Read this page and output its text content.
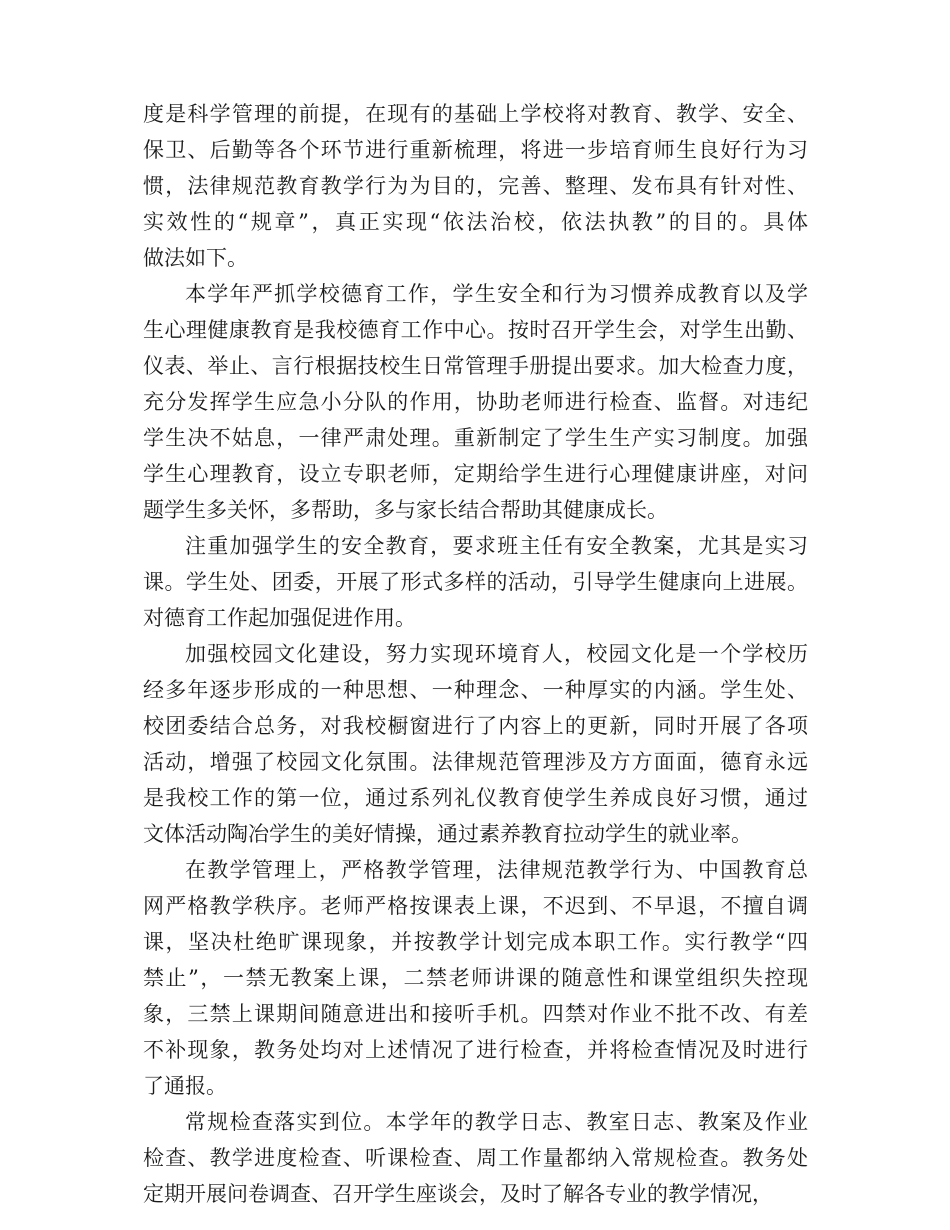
度是科学管理的前提，在现有的基础上学校将对教育、教学、安全、
保卫、后勤等各个环节进行重新梳理，将进一步培育师生良好行为习
惯，法律规范教育教学行为为目的，完善、整理、发布具有针对性、
实效性的“规章”，真正实现“依法治校，依法执教”的目的。具体
做法如下。
本学年严抓学校德育工作，学生安全和行为习惯养成教育以及学
生心理健康教育是我校德育工作中心。按时召开学生会，对学生出勤、
仪表、举止、言行根据技校生日常管理手册提出要求。加大检查力度，
充分发挥学生应急小分队的作用，协助老师进行检查、监督。对违纪
学生决不姑息，一律严肃处理。重新制定了学生生产实习制度。加强
学生心理教育，设立专职老师，定期给学生进行心理健康讲座，对问
题学生多关怀，多帮助，多与家长结合帮助其健康成长。
注重加强学生的安全教育，要求班主任有安全教案，尤其是实习
课。学生处、团委，开展了形式多样的活动，引导学生健康向上进展。
对德育工作起加强促进作用。
加强校园文化建设，努力实现环境育人，校园文化是一个学校历
经多年逐步形成的一种思想、一种理念、一种厚实的内涵。学生处、
校团委结合总务，对我校橱窗进行了内容上的更新，同时开展了各项
活动，增强了校园文化氛围。法律规范管理涉及方方面面，德育永远
是我校工作的第一位，通过系列礼仪教育使学生养成良好习惯，通过
文体活动陶冶学生的美好情操，通过素养教育拉动学生的就业率。
在教学管理上，严格教学管理，法律规范教学行为、中国教育总
网严格教学秩序。老师严格按课表上课，不迟到、不早退，不擅自调
课，坚决杜绝旷课现象，并按教学计划完成本职工作。实行教学“四
禁止”，一禁无教案上课，二禁老师讲课的随意性和课堂组织失控现
象，三禁上课期间随意进出和接听手机。四禁对作业不批不改、有差
不补现象，教务处均对上述情况了进行检查，并将检查情况及时进行
了通报。
常规检查落实到位。本学年的教学日志、教室日志、教案及作业
检查、教学进度检查、听课检查、周工作量都纳入常规检查。教务处
定期开展问卷调查、召开学生座谈会，及时了解各专业的教学情况，
